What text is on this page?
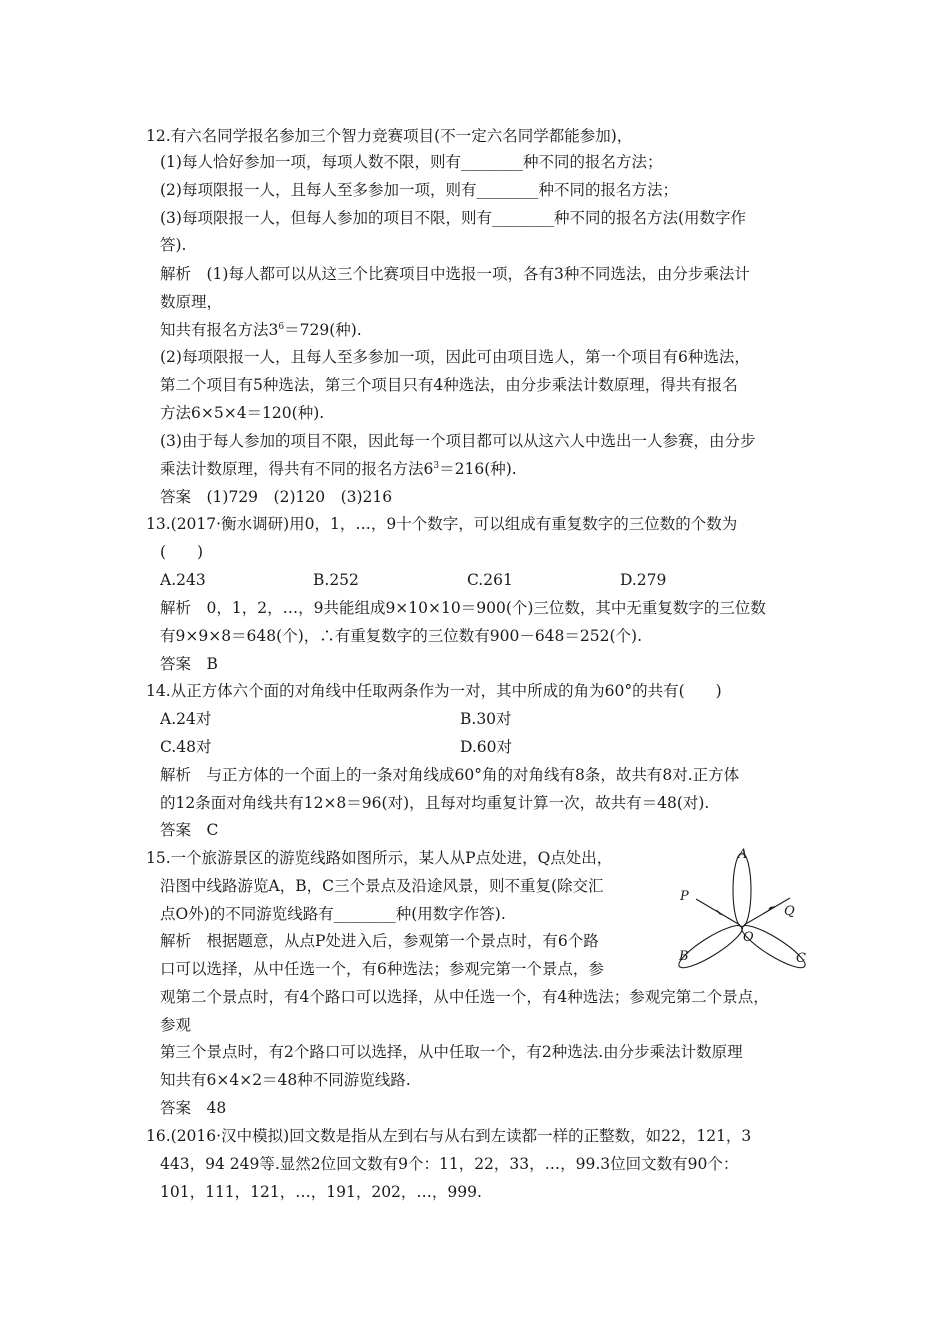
12.有六名同学报名参加三个智力竞赛项目(不一定六名同学都能参加)，
(1)每人恰好参加一项，每项人数不限，则有________种不同的报名方法；
(2)每项限报一人，且每人至多参加一项，则有________种不同的报名方法；
(3)每项限报一人，但每人参加的项目不限，则有________种不同的报名方法(用数字作
答).
解析　(1)每人都可以从这三个比赛项目中选报一项，各有3种不同选法，由分步乘法计
数原理，
知共有报名方法$3^6=729$(种).
(2)每项限报一人，且每人至多参加一项，因此可由项目选人，第一个项目有6种选法，
第二个项目有5种选法，第三个项目只有4种选法，由分步乘法计数原理，得共有报名
方法6×5×4＝120(种).
(3)由于每人参加的项目不限，因此每一个项目都可以从这六人中选出一人参赛，由分步
乘法计数原理，得共有不同的报名方法$6^3=216$(种).
答案　(1)729　(2)120　(3)216
13.(2017·衡水调研)用0，1，…，9十个数字，可以组成有重复数字的三位数的个数为
(　　)
A.243	B.252	C.261	D.279
解析　0，1，2，…，9共能组成9×10×10＝900(个)三位数，其中无重复数字的三位数
有9×9×8＝648(个)，∴有重复数字的三位数有900－648＝252(个).
答案　B
14.从正方体六个面的对角线中任取两条作为一对，其中所成的角为60°的共有(　　)
A.24对	B.30对
C.48对	D.60对
解析　与正方体的一个面上的一条对角线成60°角的对角线有8条，故共有8对.正方体
的12条面对角线共有12×8＝96(对)，且每对均重复计算一次，故共有＝48(对).
答案　C
15.一个旅游景区的游览线路如图所示，某人从P点处进，Q点处出，
沿图中线路游览A，B，C三个景点及沿途风景，则不重复(除交汇
点O外)的不同游览线路有________种(用数字作答).
解析　根据题意，从点P处进入后，参观第一个景点时，有6个路
口可以选择，从中任选一个，有6种选法；参观完第一个景点，参
观第二个景点时，有4个路口可以选择，从中任选一个，有4种选法；参观完第二个景点，
参观
第三个景点时，有2个路口可以选择，从中任取一个，有2种选法.由分步乘法计数原理
知共有6×4×2＝48种不同游览线路.
答案　48
A
P
Q
O
B	C
16.(2016·汉中模拟)回文数是指从左到右与从右到左读都一样的正整数，如22，121，3
443，94 249等.显然2位回文数有9个：11，22，33，…，99.3位回文数有90个：
101，111，121，…，191，202，…，999.
